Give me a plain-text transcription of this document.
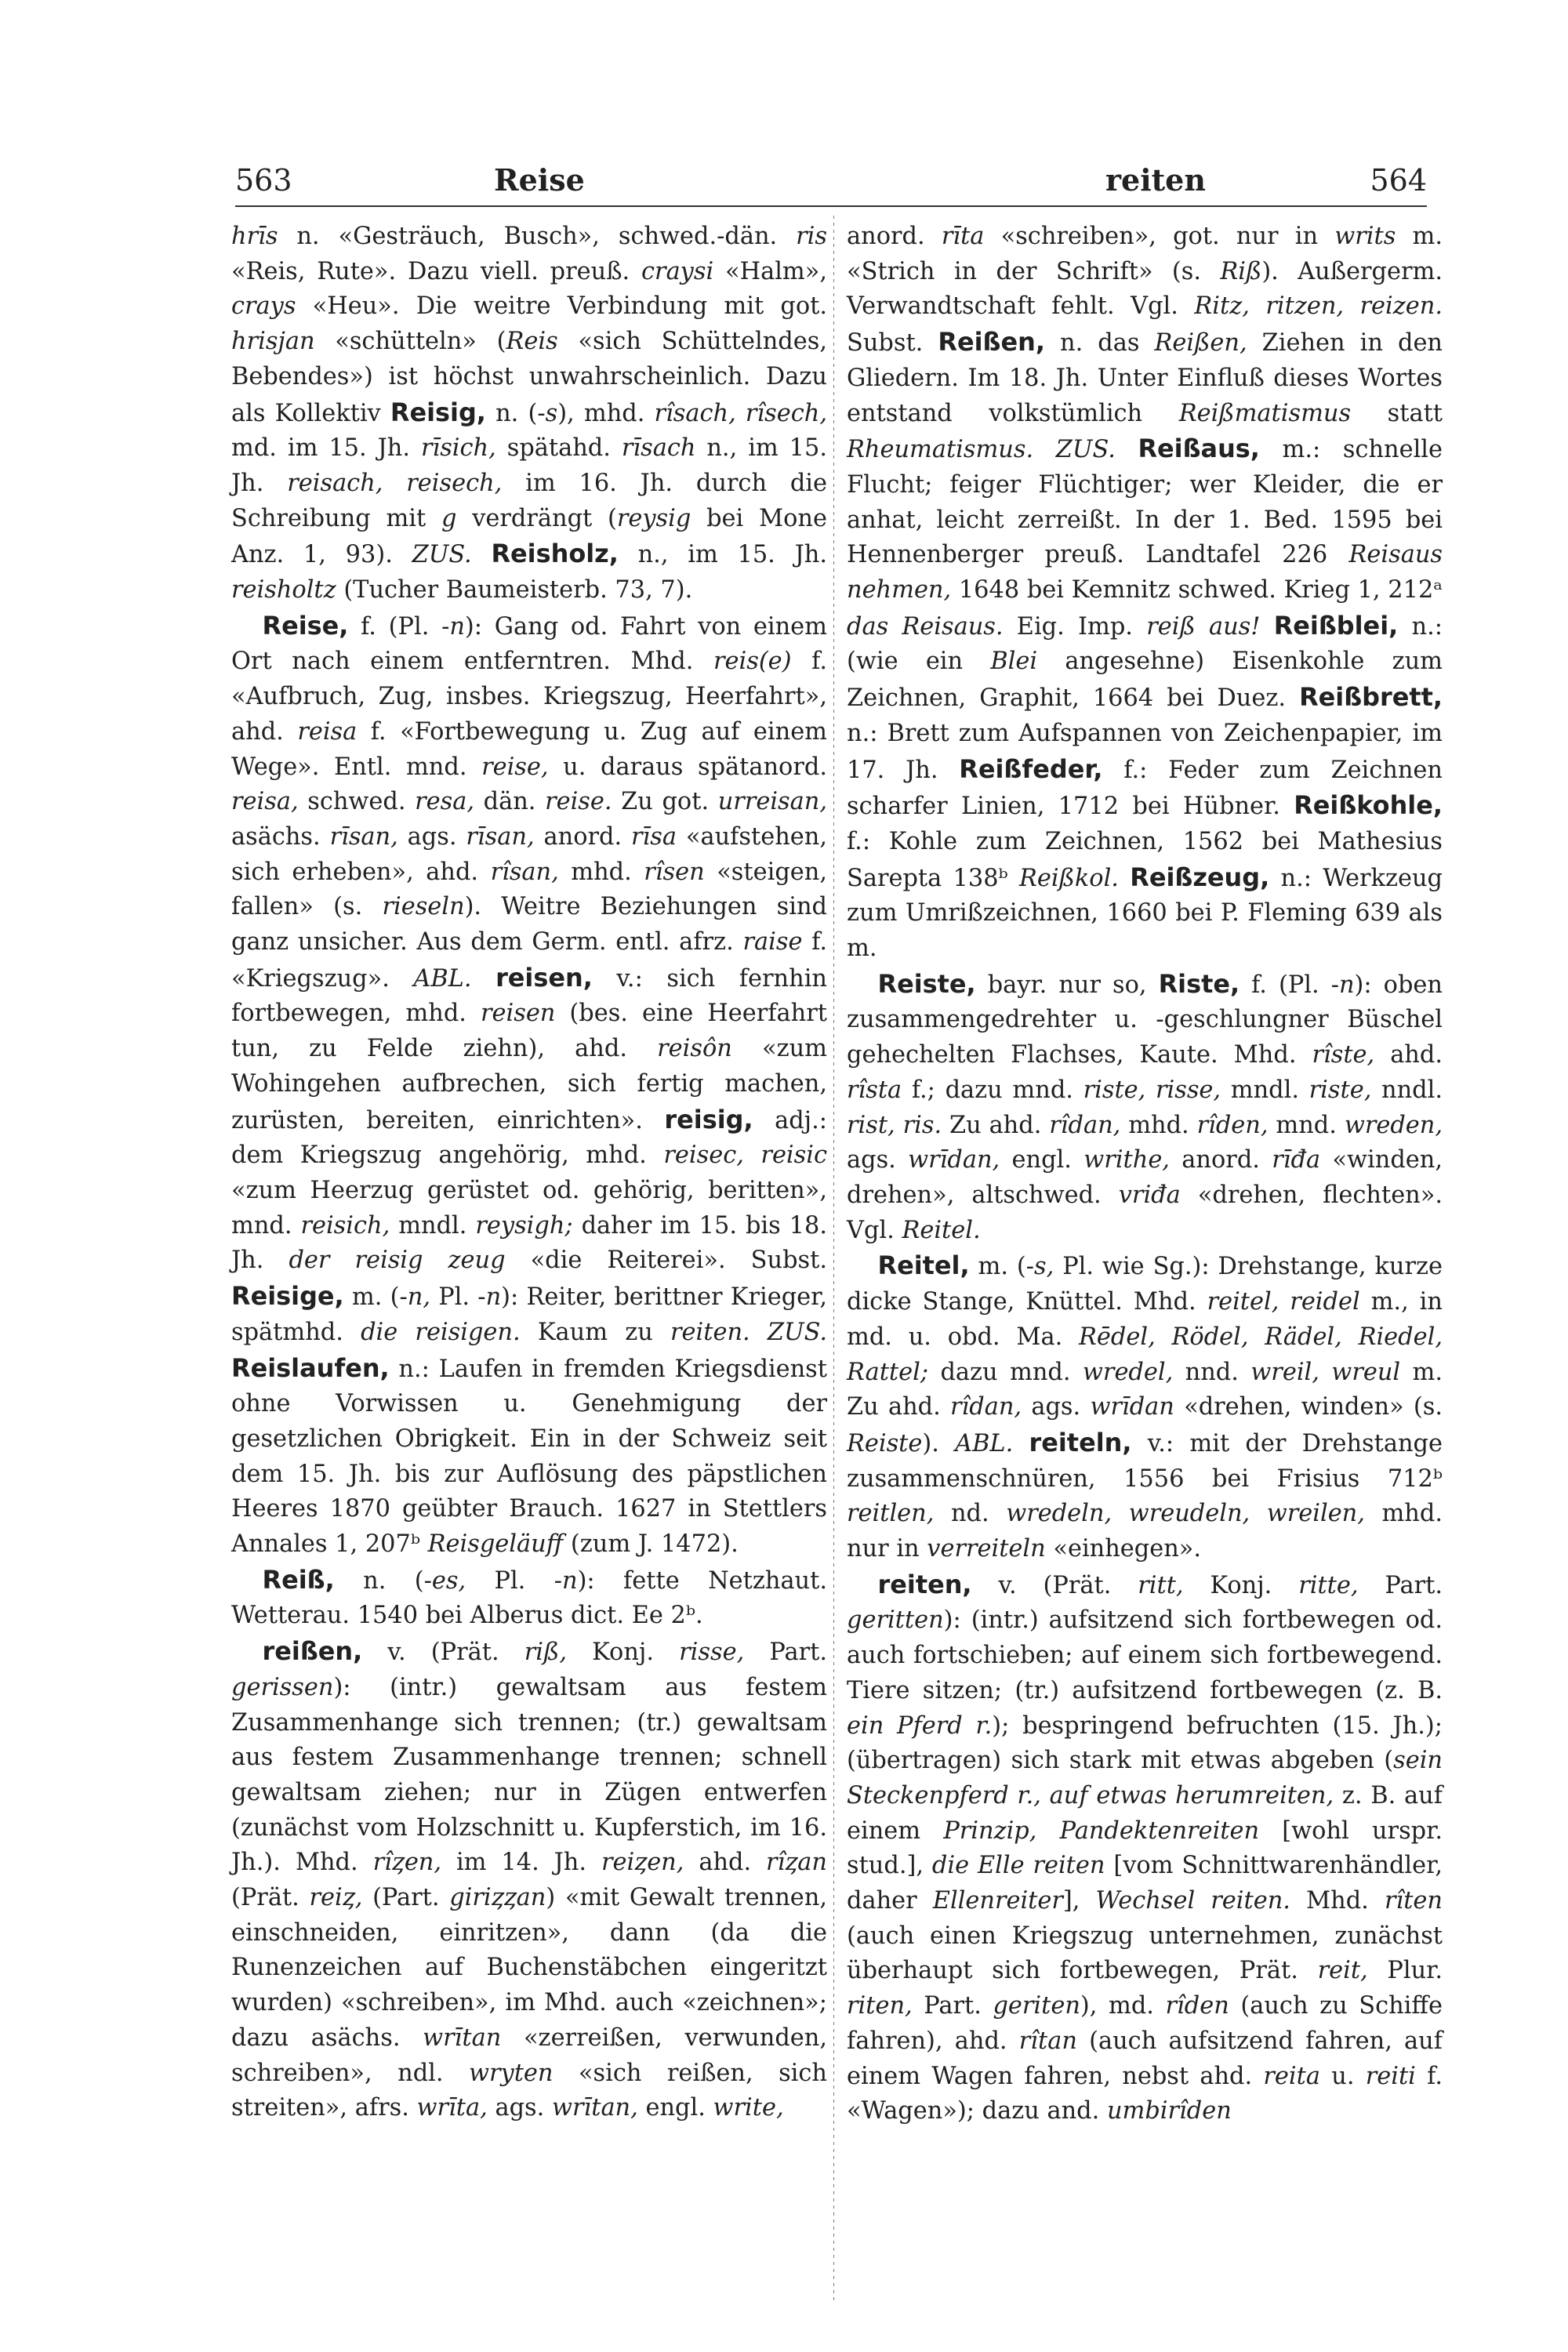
563	Reise	reiten	564

hrīs n. «Gesträuch, Busch», schwed.-dän. ris «Reis, Rute». Dazu viell. preuß. craysi «Halm», crays «Heu». Die weitre Verbindung mit got. hrisjan «schütteln» (Reis «sich Schüttelndes, Bebendes») ist höchst unwahrscheinlich. Dazu als Kollektiv Reisig, n. (-s), mhd. rîsach, rîsech, md. im 15. Jh. rīsich, spätahd. rīsach n., im 15. Jh. reisach, reisech, im 16. Jh. durch die Schreibung mit g verdrängt (reysig bei Mone Anz. 1, 93). ZUS. Reisholz, n., im 15. Jh. reisholtz (Tucher Baumeisterb. 73, 7).

Reise, f. (Pl. -n): Gang od. Fahrt von einem Ort nach einem entferntren. Mhd. reis(e) f. «Aufbruch, Zug, insbes. Kriegszug, Heerfahrt», ahd. reisa f. «Fortbewegung u. Zug auf einem Wege». Entl. mnd. reise, u. daraus spätanord. reisa, schwed. resa, dän. reise. Zu got. urreisan, asächs. rīsan, ags. rīsan, anord. rīsa «aufstehen, sich erheben», ahd. rîsan, mhd. rîsen «steigen, fallen» (s. rieseln). Weitre Beziehungen sind ganz unsicher. Aus dem Germ. entl. afrz. raise f. «Kriegszug». ABL. reisen, v.: sich fernhin fortbewegen, mhd. reisen (bes. eine Heerfahrt tun, zu Felde ziehn), ahd. reisôn «zum Wohingehen aufbrechen, sich fertig machen, zurüsten, bereiten, einrichten». reisig, adj.: dem Kriegszug angehörig, mhd. reisec, reisic «zum Heerzug gerüstet od. gehörig, beritten», mnd. reisich, mndl. reysigh; daher im 15. bis 18. Jh. der reisig zeug «die Reiterei». Subst. Reisige, m. (-n, Pl. -n): Reiter, berittner Krieger, spätmhd. die reisigen. Kaum zu reiten. ZUS. Reislaufen, n.: Laufen in fremden Kriegsdienst ohne Vorwissen u. Genehmigung der gesetzlichen Obrigkeit. Ein in der Schweiz seit dem 15. Jh. bis zur Auflösung des päpstlichen Heeres 1870 geübter Brauch. 1627 in Stettlers Annales 1, 207ᵇ Reisgeläuff (zum J. 1472).

Reiß, n. (-es, Pl. -n): fette Netzhaut. Wetterau. 1540 bei Alberus dict. Ee 2ᵇ.

reißen, v. (Prät. riß, Konj. risse, Part. gerissen): (intr.) gewaltsam aus festem Zusammenhange sich trennen; (tr.) gewaltsam aus festem Zusammenhange trennen; schnell gewaltsam ziehen; nur in Zügen entwerfen (zunächst vom Holzschnitt u. Kupferstich, im 16. Jh.). Mhd. rîȥen, im 14. Jh. reiȥen, ahd. rîȥan (Prät. reiȥ, (Part. giriȥȥan) «mit Gewalt trennen, einschneiden, einritzen», dann (da die Runenzeichen auf Buchenstäbchen eingeritzt wurden) «schreiben», im Mhd. auch «zeichnen»; dazu asächs. wrītan «zerreißen, verwunden, schreiben», ndl. wryten «sich reißen, sich streiten», afrs. wrīta, ags. wrītan, engl. write,

anord. rīta «schreiben», got. nur in writs m. «Strich in der Schrift» (s. Riß). Außergerm. Verwandtschaft fehlt. Vgl. Ritz, ritzen, reizen. Subst. Reißen, n. das Reißen, Ziehen in den Gliedern. Im 18. Jh. Unter Einfluß dieses Wortes entstand volkstümlich Reißmatismus statt Rheumatismus. ZUS. Reißaus, m.: schnelle Flucht; feiger Flüchtiger; wer Kleider, die er anhat, leicht zerreißt. In der 1. Bed. 1595 bei Hennenberger preuß. Landtafel 226 Reisaus nehmen, 1648 bei Kemnitz schwed. Krieg 1, 212ᵃ das Reisaus. Eig. Imp. reiß aus! Reißblei, n.: (wie ein Blei angesehne) Eisenkohle zum Zeichnen, Graphit, 1664 bei Duez. Reißbrett, n.: Brett zum Aufspannen von Zeichenpapier, im 17. Jh. Reißfeder, f.: Feder zum Zeichnen scharfer Linien, 1712 bei Hübner. Reißkohle, f.: Kohle zum Zeichnen, 1562 bei Mathesius Sarepta 138ᵇ Reißkol. Reißzeug, n.: Werkzeug zum Umrißzeichnen, 1660 bei P. Fleming 639 als m.

Reiste, bayr. nur so, Riste, f. (Pl. -n): oben zusammengedrehter u. -geschlungner Büschel gehechelten Flachses, Kaute. Mhd. rîste, ahd. rîsta f.; dazu mnd. riste, risse, mndl. riste, nndl. rist, ris. Zu ahd. rîdan, mhd. rîden, mnd. wreden, ags. wrīdan, engl. writhe, anord. rīđa «winden, drehen», altschwed. vriđa «drehen, flechten». Vgl. Reitel.

Reitel, m. (-s, Pl. wie Sg.): Drehstange, kurze dicke Stange, Knüttel. Mhd. reitel, reidel m., in md. u. obd. Ma. Rēdel, Rödel, Rädel, Riedel, Rattel; dazu mnd. wredel, nnd. wreil, wreul m. Zu ahd. rîdan, ags. wrīdan «drehen, winden» (s. Reiste). ABL. reiteln, v.: mit der Drehstange zusammenschnüren, 1556 bei Frisius 712ᵇ reitlen, nd. wredeln, wreudeln, wreilen, mhd. nur in verreiteln «einhegen».

reiten, v. (Prät. ritt, Konj. ritte, Part. geritten): (intr.) aufsitzend sich fortbewegen od. auch fortschieben; auf einem sich fortbewegend. Tiere sitzen; (tr.) aufsitzend fortbewegen (z. B. ein Pferd r.); bespringend befruchten (15. Jh.); (übertragen) sich stark mit etwas abgeben (sein Steckenpferd r., auf etwas herumreiten, z. B. auf einem Prinzip, Pandektenreiten [wohl urspr. stud.], die Elle reiten [vom Schnittwarenhändler, daher Ellenreiter], Wechsel reiten. Mhd. rîten (auch einen Kriegszug unternehmen, zunächst überhaupt sich fortbewegen, Prät. reit, Plur. riten, Part. geriten), md. rîden (auch zu Schiffe fahren), ahd. rîtan (auch aufsitzend fahren, auf einem Wagen fahren, nebst ahd. reita u. reiti f. «Wagen»); dazu and. umbirîden
